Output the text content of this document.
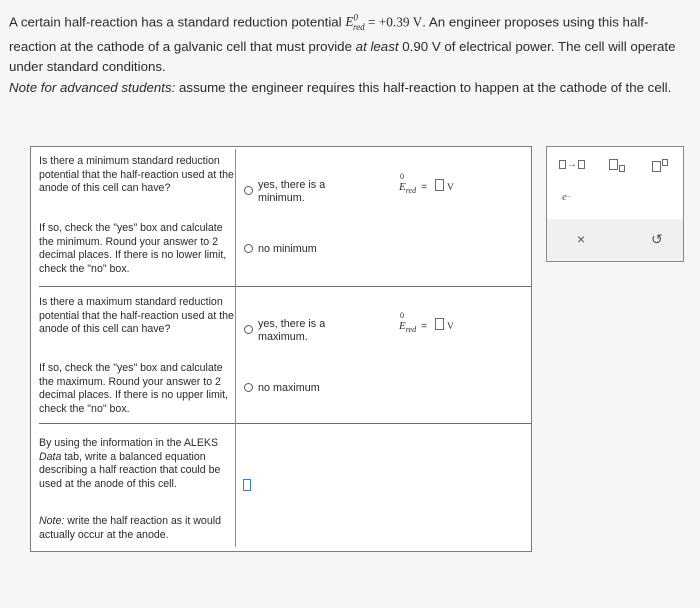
A certain half-reaction has a standard reduction potential $E^0_{red} = +0.39$ V. An engineer proposes using this half-reaction at the cathode of a galvanic cell that must provide at least 0.90 V of electrical power. The cell will operate under standard conditions.
Note for advanced students: assume the engineer requires this half-reaction to happen at the cathode of the cell.
Is there a minimum standard reduction potential that the half-reaction used at the anode of this cell can have?
If so, check the "yes" box and calculate the minimum. Round your answer to 2 decimal places. If there is no lower limit, check the "no" box.
yes, there is a minimum.
no minimum
E
0
$_{red}$ = V
Is there a maximum standard reduction potential that the half-reaction used at the anode of this cell can have?
If so, check the "yes" box and calculate the maximum. Round your answer to 2 decimal places. If there is no upper limit, check the "no" box.
yes, there is a maximum.
no maximum
E
0
$_{red}$ = V
By using the information in the ALEKS Data tab, write a balanced equation describing a half reaction that could be used at the anode of this cell.
Note: write the half reaction as it would actually occur at the anode.
→
e −
×	↺
